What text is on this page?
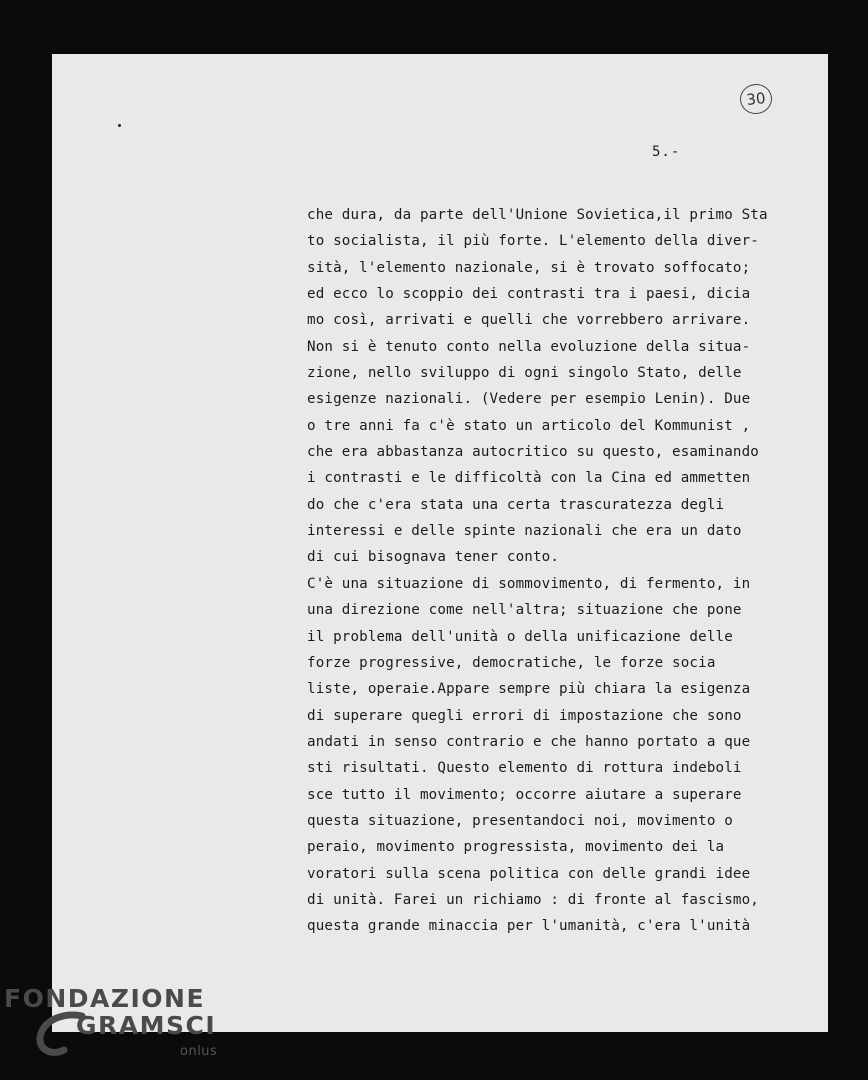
30
5.-
che dura, da parte dell'Unione Sovietica,il primo Sta
to socialista, il più forte. L'elemento della diver-
sità, l'elemento nazionale, si è trovato soffocato;
ed ecco lo scoppio dei contrasti tra i paesi, dicia
mo così, arrivati e quelli che vorrebbero arrivare.
Non si è tenuto conto nella evoluzione della situa-
zione, nello sviluppo di ogni singolo Stato, delle
esigenze nazionali. (Vedere per esempio Lenin). Due
o tre anni fa c'è stato un articolo del Kommunist ,
che era abbastanza autocritico su questo, esaminando
i contrasti e le difficoltà con la Cina ed ammetten
do che c'era stata una certa trascuratezza degli
interessi e delle spinte nazionali che era un dato
di cui bisognava tener conto.
C'è una situazione di sommovimento, di fermento, in
una direzione come nell'altra; situazione che pone
il problema dell'unità o della unificazione delle
forze progressive, democratiche, le forze socia
liste, operaie.Appare sempre più chiara la esigenza
di superare quegli errori di impostazione che sono
andati in senso contrario e che hanno portato a que
sti risultati. Questo elemento di rottura indeboli
sce tutto il movimento; occorre aiutare a superare
questa situazione, presentandoci noi, movimento o
peraio, movimento progressista, movimento dei la
voratori sulla scena politica con delle grandi idee
di unità. Farei un richiamo : di fronte al fascismo,
questa grande minaccia per l'umanità, c'era l'unità
FONDAZIONE
GRAMSCI
onlus
